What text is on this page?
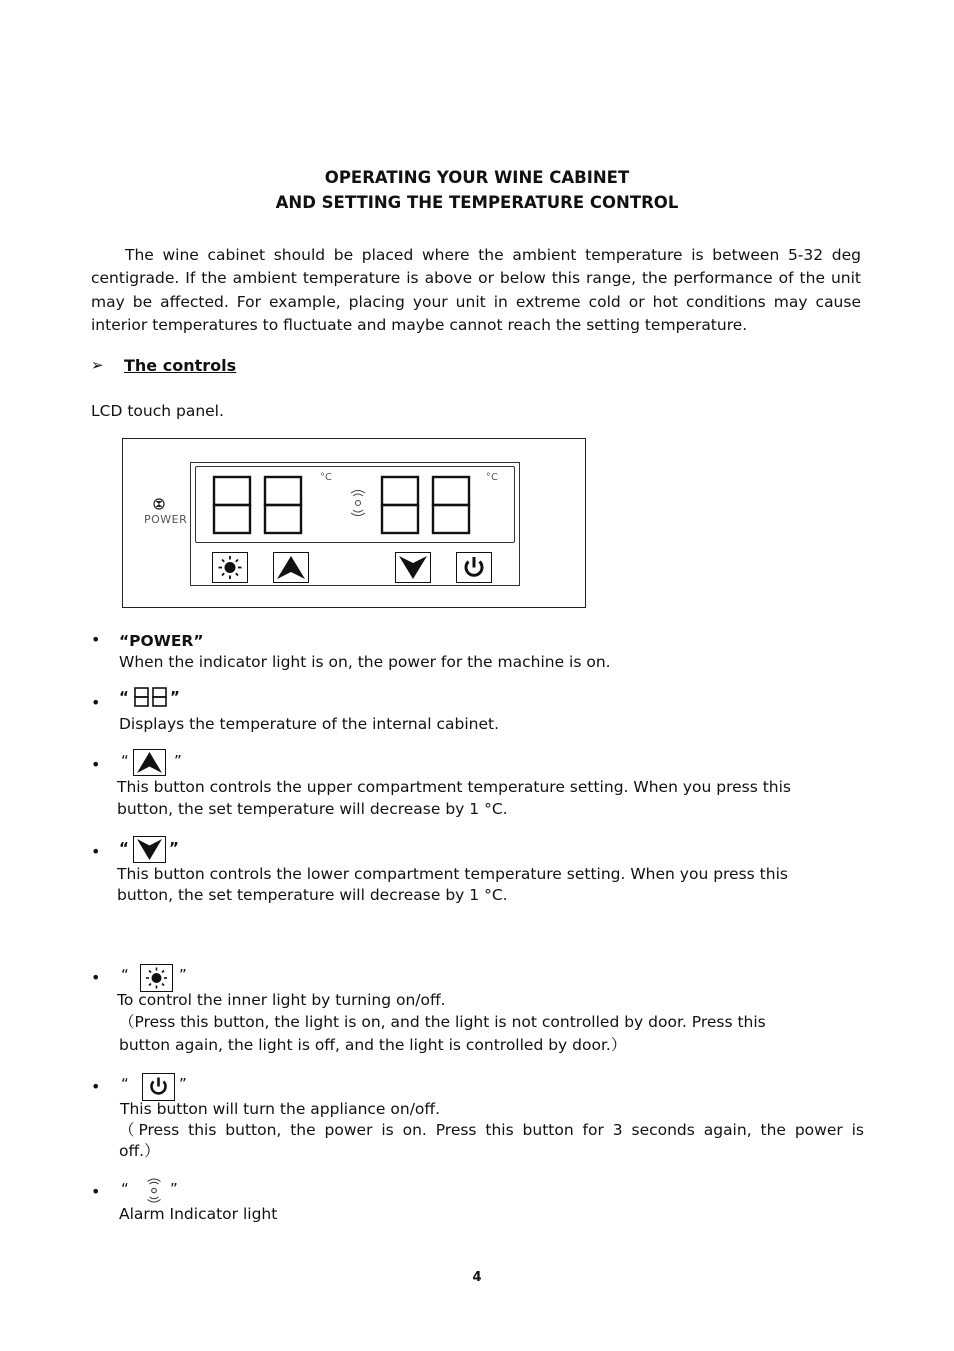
OPERATING YOUR WINE CABINET
AND SETTING THE TEMPERATURE CONTROL
The wine cabinet should be placed where the ambient temperature is between 5-32 deg centigrade. If the ambient temperature is above or below this range, the performance of the unit may be affected. For example, placing your unit in extreme cold or hot conditions may cause interior temperatures to fluctuate and maybe cannot reach the setting temperature.
➢ The controls
LCD touch panel.
POWER
°C	°C
• “POWER”
When the indicator light is on, the power for the machine is on.
• “	”
Displays the temperature of the internal cabinet.
• “	”
This button controls the upper compartment temperature setting. When you press this
button, the set temperature will decrease by 1 °C.
• “	”
This button controls the lower compartment temperature setting. When you press this
button, the set temperature will decrease by 1 °C.
• “	”
To control the inner light by turning on/off.
（Press this button, the light is on, and the light is not controlled by door. Press this
button again, the light is off, and the light is controlled by door.）
• “	”
This button will turn the appliance on/off.
（Press this button, the power is on. Press this button for 3 seconds again, the power is
off.）
• “	”
Alarm Indicator light
4
